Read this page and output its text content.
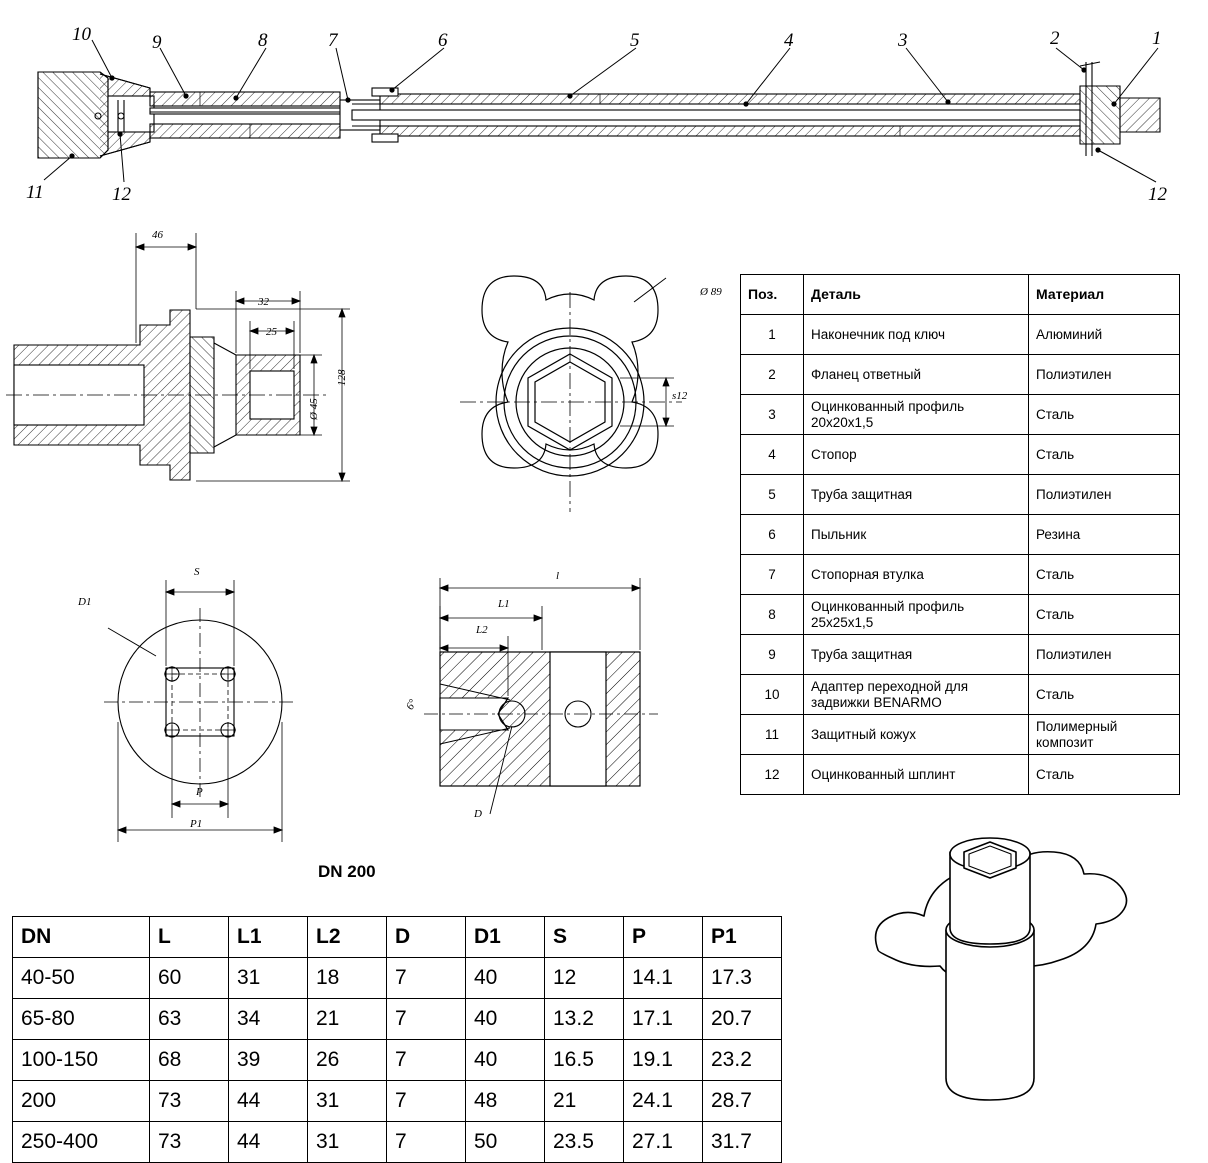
10	9	8	7	6	5	4	3	2	1
11	12	12
46
32
25
128
Ø 45
Ø 89
s12
S
D1
P
P1
l
L1
L2
6°
D
Поз.	Деталь	Материал
1	Наконечник под ключ	Алюминий
2	Фланец ответный	Полиэтилен
3	Оцинкованный профиль 20х20х1,5	Сталь
4	Стопор	Сталь
5	Труба защитная	Полиэтилен
6	Пыльник	Резина
7	Стопорная втулка	Сталь
8	Оцинкованный профиль 25х25х1,5	Сталь
9	Труба защитная	Полиэтилен
10	Адаптер переходной для задвижки BENARMO	Сталь
11	Защитный кожух	Полимерный композит
12	Оцинкованный шплинт	Сталь
DN 200
DN	L	L1	L2	D	D1	S	P	P1
40-50	60	31	18	7	40	12	14.1	17.3
65-80	63	34	21	7	40	13.2	17.1	20.7
100-150	68	39	26	7	40	16.5	19.1	23.2
200	73	44	31	7	48	21	24.1	28.7
250-400	73	44	31	7	50	23.5	27.1	31.7
